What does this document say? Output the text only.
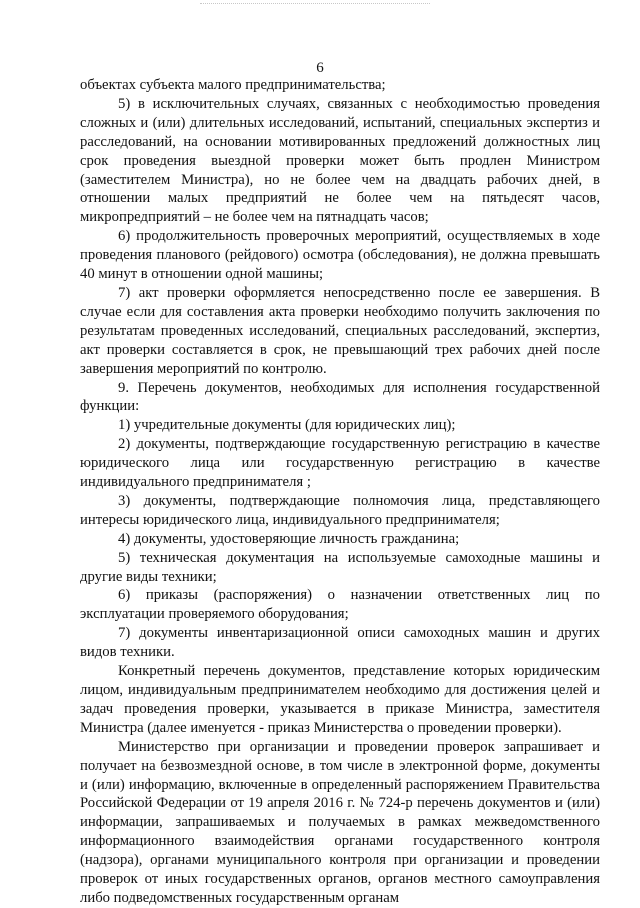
6

объектах субъекта малого предпринимательства;

5) в исключительных случаях, связанных с необходимостью проведения сложных и (или) длительных исследований, испытаний, специальных экспертиз и расследований, на основании мотивированных предложений должностных лиц срок проведения выездной проверки может быть продлен Министром (заместителем Министра), но не более чем на двадцать рабочих дней, в отношении малых предприятий не более чем на пятьдесят часов, микропредприятий – не более чем на пятнадцать часов;

6) продолжительность проверочных мероприятий, осуществляемых в ходе проведения планового (рейдового) осмотра (обследования), не должна превышать 40 минут в отношении одной машины;

7) акт проверки оформляется непосредственно после ее завершения. В случае если для составления акта проверки необходимо получить заключения по результатам проведенных исследований, специальных расследований, экспертиз, акт проверки составляется в срок, не превышающий трех рабочих дней после завершения мероприятий по контролю.

9. Перечень документов, необходимых для исполнения государственной функции:

1) учредительные документы (для юридических лиц);

2) документы, подтверждающие государственную регистрацию в качестве юридического лица или государственную регистрацию в качестве индивидуального предпринимателя ;

3) документы, подтверждающие полномочия лица, представляющего интересы юридического лица, индивидуального предпринимателя;

4) документы, удостоверяющие личность гражданина;

5) техническая документация на используемые самоходные машины и другие виды техники;

6) приказы (распоряжения) о назначении ответственных лиц по эксплуатации проверяемого оборудования;

7) документы инвентаризационной описи самоходных машин и других видов техники.

Конкретный перечень документов, представление которых юридическим лицом, индивидуальным предпринимателем необходимо для достижения целей и задач проведения проверки, указывается в приказе Министра, заместителя Министра (далее именуется - приказ Министерства о проведении проверки).

Министерство при организации и проведении проверок запрашивает и получает на безвозмездной основе, в том числе в электронной форме, документы и (или) информацию, включенные в определенный распоряжением Правительства Российской Федерации от 19 апреля 2016 г. № 724-р перечень документов и (или) информации, запрашиваемых и получаемых в рамках межведомственного информационного взаимодействия органами государственного контроля (надзора), органами муниципального контроля при организации и проведении проверок от иных государственных органов, органов местного самоуправления либо подведомственных государственным органам
